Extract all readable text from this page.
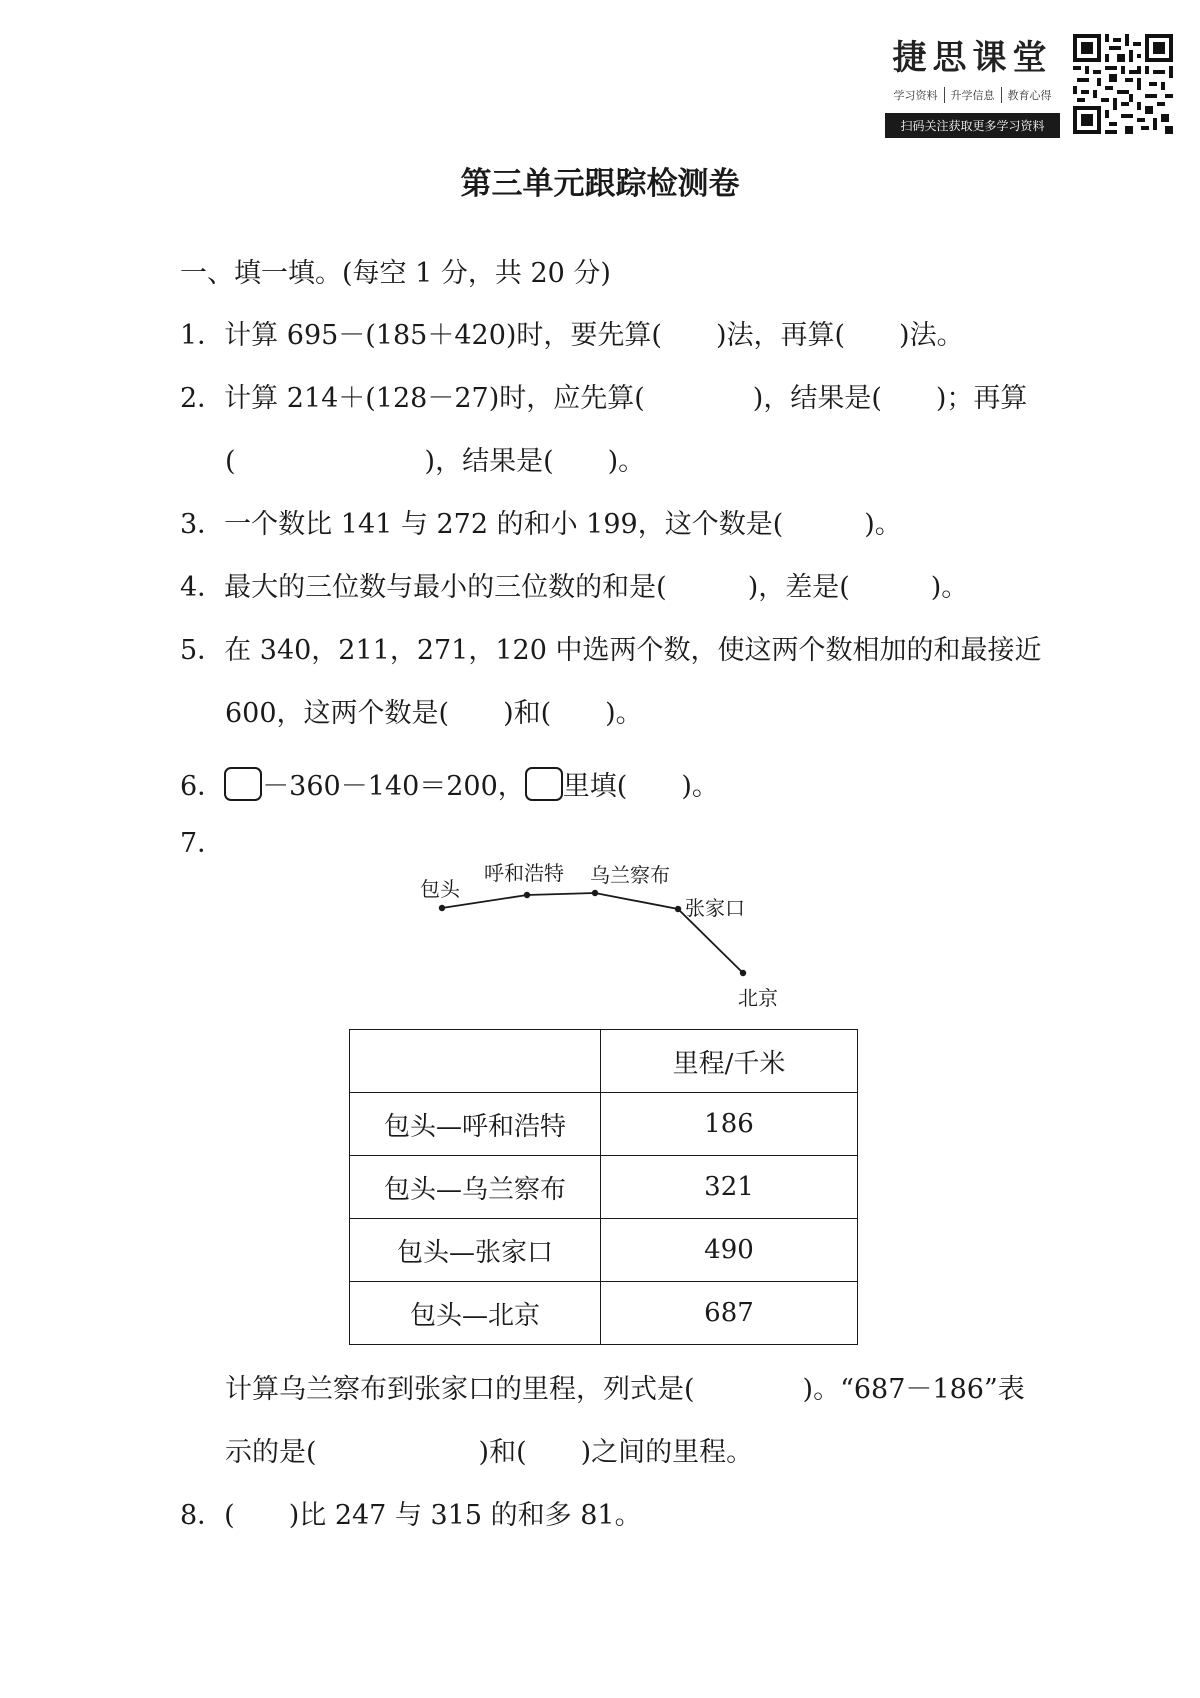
捷思课堂
学习资料	升学信息	教育心得
扫码关注获取更多学习资料
第三单元跟踪检测卷
一、填一填。(每空 1 分，共 20 分)
1．计算 695－(185＋420)时，要先算(　　)法，再算(　　)法。
2．计算 214＋(128－27)时，应先算(　　　　)，结果是(　　)；再算
(　　　　　　　)，结果是(　　)。
3．一个数比 141 与 272 的和小 199，这个数是(　　　)。
4．最大的三位数与最小的三位数的和是(　　　)，差是(　　　)。
5．在 340，211，271，120 中选两个数，使这两个数相加的和最接近
600，这两个数是(　　)和(　　)。
6． －360－140＝200， 里填(　　)。
7．
包头
呼和浩特 乌兰察布
张家口
北京
	里程/千米
包头—呼和浩特	186
包头—乌兰察布	321
包头—张家口	490
包头—北京	687
计算乌兰察布到张家口的里程，列式是(　　　　)。“687－186”表
示的是(　　　　　　)和(　　)之间的里程。
8．(　　)比 247 与 315 的和多 81。
